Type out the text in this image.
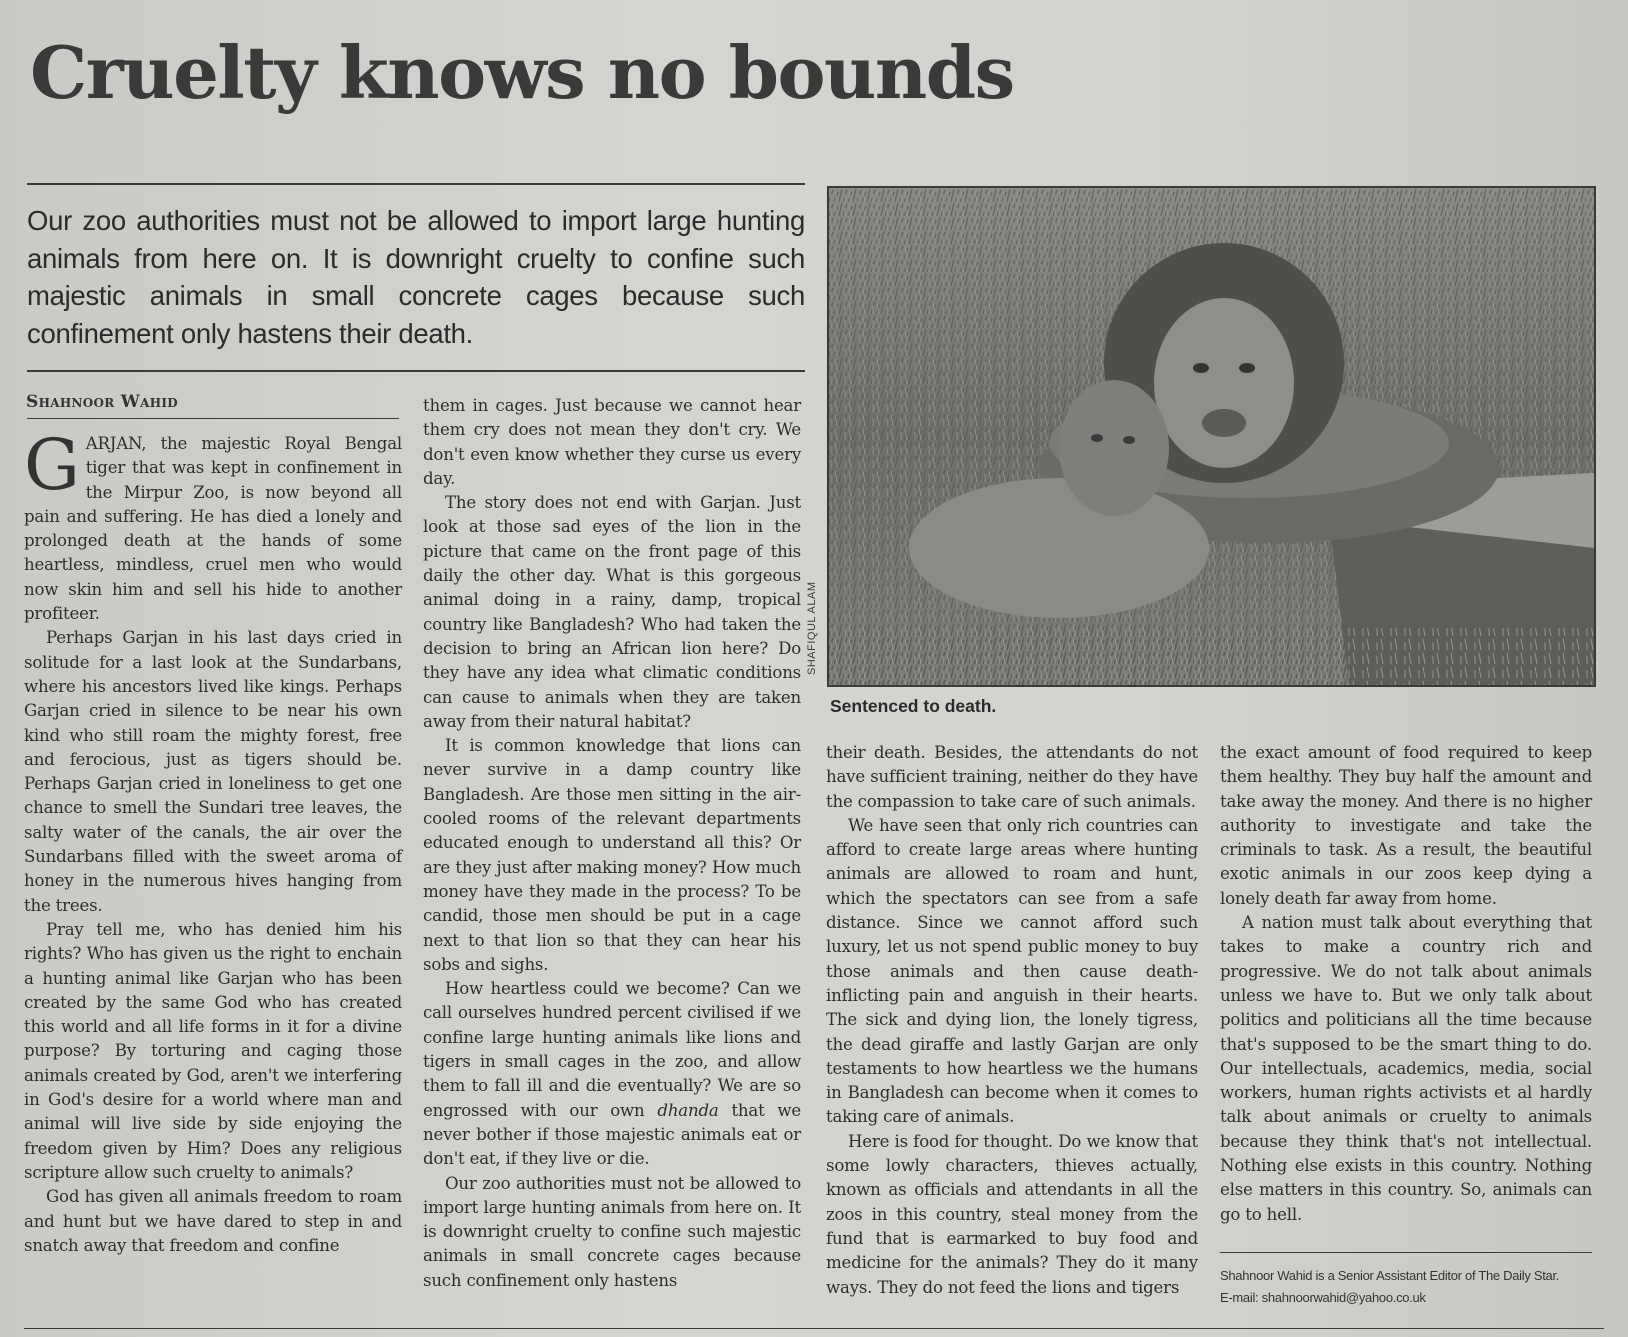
Cruelty knows no bounds

Our zoo authorities must not be allowed to import large hunting animals from here on. It is downright cruelty to confine such majestic animals in small concrete cages because such confinement only hastens their death.

Shahnoor Wahid

GARJAN, the majestic Royal Bengal tiger that was kept in confinement in the Mirpur Zoo, is now beyond all pain and suffering. He has died a lonely and prolonged death at the hands of some heartless, mindless, cruel men who would now skin him and sell his hide to another profiteer.

Perhaps Garjan in his last days cried in solitude for a last look at the Sundarbans, where his ancestors lived like kings. Perhaps Garjan cried in silence to be near his own kind who still roam the mighty forest, free and ferocious, just as tigers should be. Perhaps Garjan cried in loneliness to get one chance to smell the Sundari tree leaves, the salty water of the canals, the air over the Sundarbans filled with the sweet aroma of honey in the numerous hives hanging from the trees.

Pray tell me, who has denied him his rights? Who has given us the right to enchain a hunting animal like Garjan who has been created by the same God who has created this world and all life forms in it for a divine purpose? By torturing and caging those animals created by God, aren't we interfering in God's desire for a world where man and animal will live side by side enjoying the freedom given by Him? Does any religious scripture allow such cruelty to animals?

God has given all animals freedom to roam and hunt but we have dared to step in and snatch away that freedom and confine

them in cages. Just because we cannot hear them cry does not mean they don't cry. We don't even know whether they curse us every day.

The story does not end with Garjan. Just look at those sad eyes of the lion in the picture that came on the front page of this daily the other day. What is this gorgeous animal doing in a rainy, damp, tropical country like Bangladesh? Who had taken the decision to bring an African lion here? Do they have any idea what climatic conditions can cause to animals when they are taken away from their natural habitat?

It is common knowledge that lions can never survive in a damp country like Bangladesh. Are those men sitting in the air-cooled rooms of the relevant departments educated enough to understand all this? Or are they just after making money? How much money have they made in the process? To be candid, those men should be put in a cage next to that lion so that they can hear his sobs and sighs.

How heartless could we become? Can we call ourselves hundred percent civilised if we confine large hunting animals like lions and tigers in small cages in the zoo, and allow them to fall ill and die eventually? We are so engrossed with our own dhanda that we never bother if those majestic animals eat or don't eat, if they live or die.

Our zoo authorities must not be allowed to import large hunting animals from here on. It is downright cruelty to confine such majestic animals in small concrete cages because such confinement only hastens

SHAFIQUL ALAM
Sentenced to death.

their death. Besides, the attendants do not have sufficient training, neither do they have the compassion to take care of such animals.

We have seen that only rich countries can afford to create large areas where hunting animals are allowed to roam and hunt, which the spectators can see from a safe distance. Since we cannot afford such luxury, let us not spend public money to buy those animals and then cause death-inflicting pain and anguish in their hearts. The sick and dying lion, the lonely tigress, the dead giraffe and lastly Garjan are only testaments to how heartless we the humans in Bangladesh can become when it comes to taking care of animals.

Here is food for thought. Do we know that some lowly characters, thieves actually, known as officials and attendants in all the zoos in this country, steal money from the fund that is earmarked to buy food and medicine for the animals? They do it many ways. They do not feed the lions and tigers

the exact amount of food required to keep them healthy. They buy half the amount and take away the money. And there is no higher authority to investigate and take the criminals to task. As a result, the beautiful exotic animals in our zoos keep dying a lonely death far away from home.

A nation must talk about everything that takes to make a country rich and progressive. We do not talk about animals unless we have to. But we only talk about politics and politicians all the time because that's supposed to be the smart thing to do. Our intellectuals, academics, media, social workers, human rights activists et al hardly talk about animals or cruelty to animals because they think that's not intellectual. Nothing else exists in this country. Nothing else matters in this country. So, animals can go to hell.

Shahnoor Wahid is a Senior Assistant Editor of The Daily Star.
E-mail: shahnoorwahid@yahoo.co.uk
